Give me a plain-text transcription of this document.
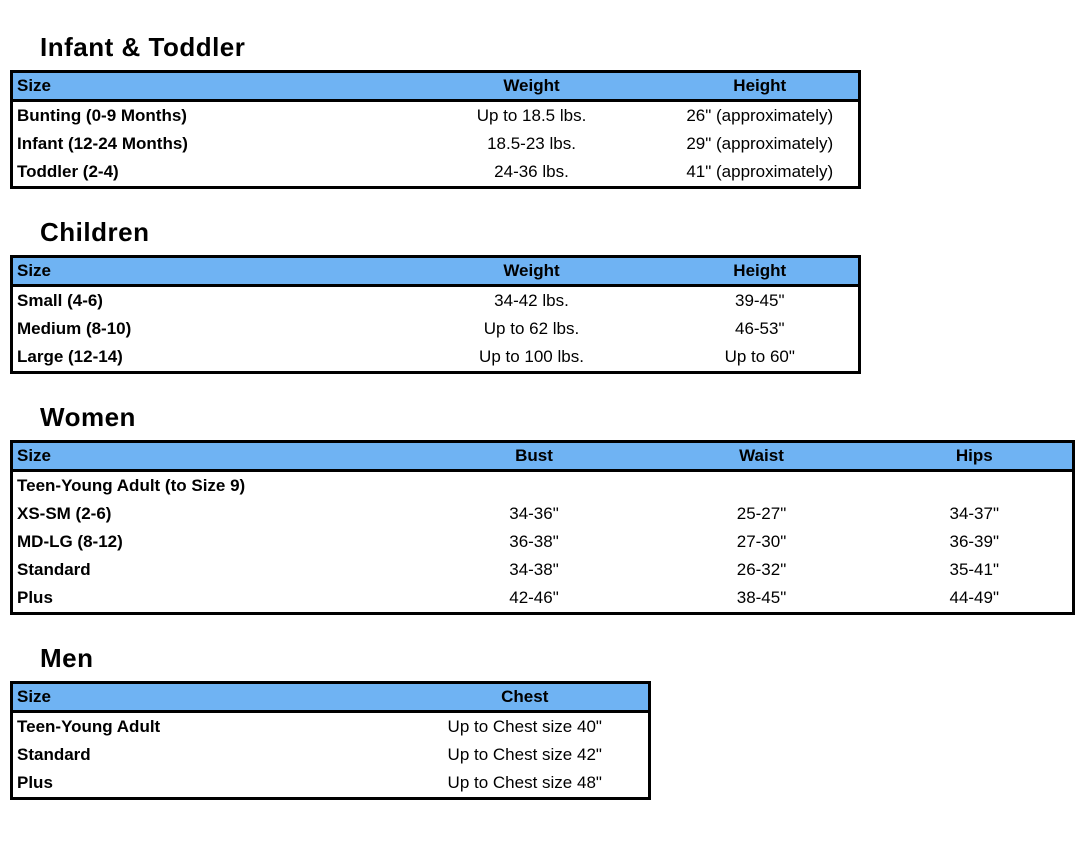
Infant & Toddler
Size	Weight	Height
Bunting (0-9 Months)	Up to 18.5 lbs.	26" (approximately)
Infant (12-24 Months)	18.5-23 lbs.	29" (approximately)
Toddler (2-4)	24-36 lbs.	41" (approximately)
Children
Size	Weight	Height
Small (4-6)	34-42 lbs.	39-45"
Medium (8-10)	Up to 62 lbs.	46-53"
Large (12-14)	Up to 100 lbs.	Up to 60"
Women
Size	Bust	Waist	Hips
Teen-Young Adult (to Size 9)			
XS-SM (2-6)	34-36"	25-27"	34-37"
MD-LG (8-12)	36-38"	27-30"	36-39"
Standard	34-38"	26-32"	35-41"
Plus	42-46"	38-45"	44-49"
Men
Size	Chest
Teen-Young Adult	Up to Chest size 40"
Standard	Up to Chest size 42"
Plus	Up to Chest size 48"
